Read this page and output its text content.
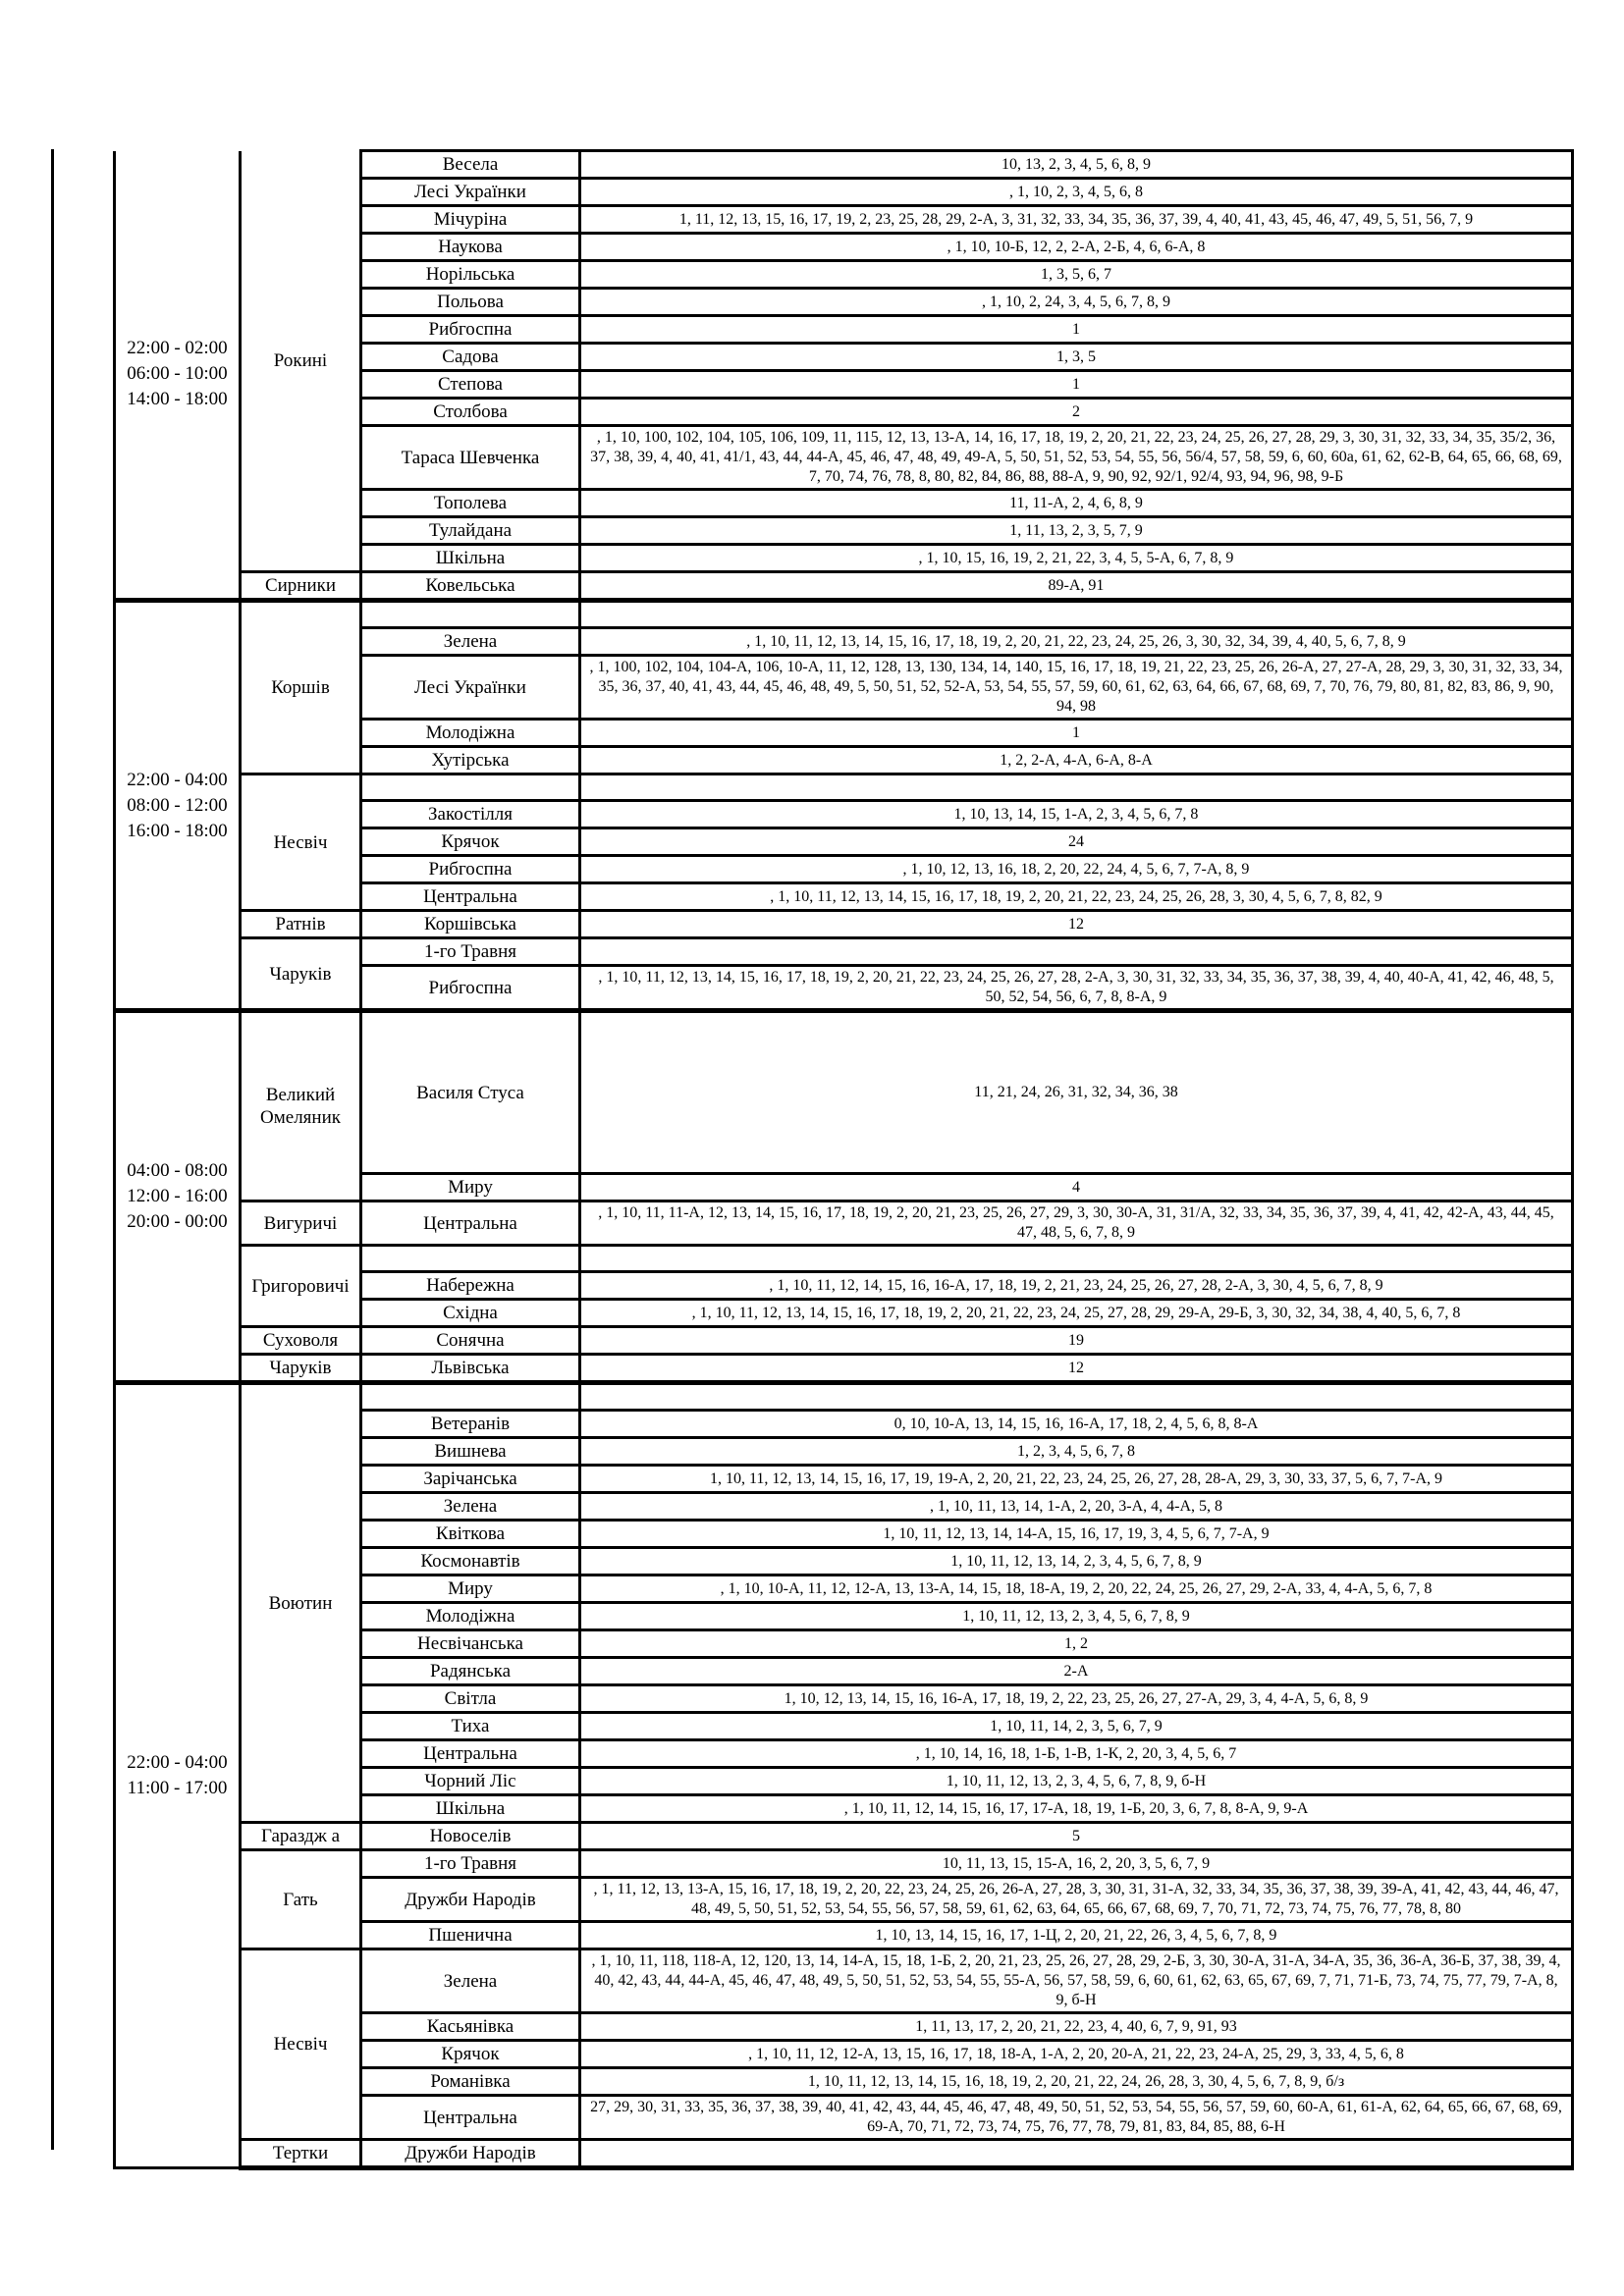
22:00 - 02:00
06:00 - 10:00
14:00 - 18:00	Рокині	Весела	10, 13, 2, 3, 4, 5, 6, 8, 9
		Лесі Українки	, 1, 10, 2, 3, 4, 5, 6, 8
		Мічуріна	1, 11, 12, 13, 15, 16, 17, 19, 2, 23, 25, 28, 29, 2-А, 3, 31, 32, 33, 34, 35, 36, 37, 39, 4, 40, 41, 43, 45, 46, 47, 49, 5, 51, 56, 7, 9
		Наукова	, 1, 10, 10-Б, 12, 2, 2-А, 2-Б, 4, 6, 6-А, 8
		Норільська	1, 3, 5, 6, 7
		Польова	, 1, 10, 2, 24, 3, 4, 5, 6, 7, 8, 9
		Рибгоспна	1
		Садова	1, 3, 5
		Степова	1
		Столбова	2
		Тараса Шевченка	, 1, 10, 100, 102, 104, 105, 106, 109, 11, 115, 12, 13, 13-А, 14, 16, 17, 18, 19, 2, 20, 21, 22, 23, 24, 25, 26, 27, 28, 29, 3, 30, 31, 32, 33, 34, 35, 35/2, 36, 37, 38, 39, 4, 40, 41, 41/1, 43, 44, 44-А, 45, 46, 47, 48, 49, 49-А, 5, 50, 51, 52, 53, 54, 55, 56, 56/4, 57, 58, 59, 6, 60, 60а, 61, 62, 62-В, 64, 65, 66, 68, 69, 7, 70, 74, 76, 78, 8, 80, 82, 84, 86, 88, 88-А, 9, 90, 92, 92/1, 92/4, 93, 94, 96, 98, 9-Б
		Тополева	11, 11-А, 2, 4, 6, 8, 9
		Тулайдана	1, 11, 13, 2, 3, 5, 7, 9
		Шкільна	, 1, 10, 15, 16, 19, 2, 21, 22, 3, 4, 5, 5-А, 6, 7, 8, 9
	Сирники	Ковельська	89-А, 91

22:00 - 04:00
08:00 - 12:00
16:00 - 18:00	Коршів		
		Зелена	, 1, 10, 11, 12, 13, 14, 15, 16, 17, 18, 19, 2, 20, 21, 22, 23, 24, 25, 26, 3, 30, 32, 34, 39, 4, 40, 5, 6, 7, 8, 9
		Лесі Українки	, 1, 100, 102, 104, 104-А, 106, 10-А, 11, 12, 128, 13, 130, 134, 14, 140, 15, 16, 17, 18, 19, 21, 22, 23, 25, 26, 26-А, 27, 27-А, 28, 29, 3, 30, 31, 32, 33, 34, 35, 36, 37, 40, 41, 43, 44, 45, 46, 48, 49, 5, 50, 51, 52, 52-А, 53, 54, 55, 57, 59, 60, 61, 62, 63, 64, 66, 67, 68, 69, 7, 70, 76, 79, 80, 81, 82, 83, 86, 9, 90, 94, 98
		Молодіжна	1
		Хутірська	1, 2, 2-А, 4-А, 6-А, 8-А
	Несвіч		
		Закостілля	1, 10, 13, 14, 15, 1-А, 2, 3, 4, 5, 6, 7, 8
		Крячок	24
		Рибгоспна	, 1, 10, 12, 13, 16, 18, 2, 20, 22, 24, 4, 5, 6, 7, 7-А, 8, 9
		Центральна	, 1, 10, 11, 12, 13, 14, 15, 16, 17, 18, 19, 2, 20, 21, 22, 23, 24, 25, 26, 28, 3, 30, 4, 5, 6, 7, 8, 82, 9
	Ратнів	Коршівська	12
	Чаруків	1-го Травня	
		Рибгоспна	, 1, 10, 11, 12, 13, 14, 15, 16, 17, 18, 19, 2, 20, 21, 22, 23, 24, 25, 26, 27, 28, 2-А, 3, 30, 31, 32, 33, 34, 35, 36, 37, 38, 39, 4, 40, 40-А, 41, 42, 46, 48, 5, 50, 52, 54, 56, 6, 7, 8, 8-А, 9

04:00 - 08:00
12:00 - 16:00
20:00 - 00:00	Великий Омеляник	Василя Стуса	11, 21, 24, 26, 31, 32, 34, 36, 38
		Миру	4
	Вигуричі	Центральна	, 1, 10, 11, 11-А, 12, 13, 14, 15, 16, 17, 18, 19, 2, 20, 21, 23, 25, 26, 27, 29, 3, 30, 30-А, 31, 31/А, 32, 33, 34, 35, 36, 37, 39, 4, 41, 42, 42-А, 43, 44, 45, 47, 48, 5, 6, 7, 8, 9
	Григоровичі		
		Набережна	, 1, 10, 11, 12, 14, 15, 16, 16-А, 17, 18, 19, 2, 21, 23, 24, 25, 26, 27, 28, 2-А, 3, 30, 4, 5, 6, 7, 8, 9
		Східна	, 1, 10, 11, 12, 13, 14, 15, 16, 17, 18, 19, 2, 20, 21, 22, 23, 24, 25, 27, 28, 29, 29-А, 29-Б, 3, 30, 32, 34, 38, 4, 40, 5, 6, 7, 8
	Суховоля	Сонячна	19
	Чаруків	Львівська	12

22:00 - 04:00
11:00 - 17:00	Воютин		
		Ветеранів	0, 10, 10-А, 13, 14, 15, 16, 16-А, 17, 18, 2, 4, 5, 6, 8, 8-А
		Вишнева	1, 2, 3, 4, 5, 6, 7, 8
		Зарічанська	1, 10, 11, 12, 13, 14, 15, 16, 17, 19, 19-А, 2, 20, 21, 22, 23, 24, 25, 26, 27, 28, 28-А, 29, 3, 30, 33, 37, 5, 6, 7, 7-А, 9
		Зелена	, 1, 10, 11, 13, 14, 1-А, 2, 20, 3-А, 4, 4-А, 5, 8
		Квіткова	1, 10, 11, 12, 13, 14, 14-А, 15, 16, 17, 19, 3, 4, 5, 6, 7, 7-А, 9
		Космонавтів	1, 10, 11, 12, 13, 14, 2, 3, 4, 5, 6, 7, 8, 9
		Миру	, 1, 10, 10-А, 11, 12, 12-А, 13, 13-А, 14, 15, 18, 18-А, 19, 2, 20, 22, 24, 25, 26, 27, 29, 2-А, 33, 4, 4-А, 5, 6, 7, 8
		Молодіжна	1, 10, 11, 12, 13, 2, 3, 4, 5, 6, 7, 8, 9
		Несвічанська	1, 2
		Радянська	2-А
		Світла	1, 10, 12, 13, 14, 15, 16, 16-А, 17, 18, 19, 2, 22, 23, 25, 26, 27, 27-А, 29, 3, 4, 4-А, 5, 6, 8, 9
		Тиха	1, 10, 11, 14, 2, 3, 5, 6, 7, 9
		Центральна	, 1, 10, 14, 16, 18, 1-Б, 1-В, 1-К, 2, 20, 3, 4, 5, 6, 7
		Чорний Ліс	1, 10, 11, 12, 13, 2, 3, 4, 5, 6, 7, 8, 9, б-Н
		Шкільна	, 1, 10, 11, 12, 14, 15, 16, 17, 17-А, 18, 19, 1-Б, 20, 3, 6, 7, 8, 8-А, 9, 9-А
	Гараздж а	Новоселів	5
	Гать	1-го Травня	10, 11, 13, 15, 15-А, 16, 2, 20, 3, 5, 6, 7, 9
		Дружби Народів	, 1, 11, 12, 13, 13-А, 15, 16, 17, 18, 19, 2, 20, 22, 23, 24, 25, 26, 26-А, 27, 28, 3, 30, 31, 31-А, 32, 33, 34, 35, 36, 37, 38, 39, 39-А, 41, 42, 43, 44, 46, 47, 48, 49, 5, 50, 51, 52, 53, 54, 55, 56, 57, 58, 59, 61, 62, 63, 64, 65, 66, 67, 68, 69, 7, 70, 71, 72, 73, 74, 75, 76, 77, 78, 8, 80
		Пшенична	1, 10, 13, 14, 15, 16, 17, 1-Ц, 2, 20, 21, 22, 26, 3, 4, 5, 6, 7, 8, 9
	Несвіч	Зелена	, 1, 10, 11, 118, 118-А, 12, 120, 13, 14, 14-А, 15, 18, 1-Б, 2, 20, 21, 23, 25, 26, 27, 28, 29, 2-Б, 3, 30, 30-А, 31-А, 34-А, 35, 36, 36-А, 36-Б, 37, 38, 39, 4, 40, 42, 43, 44, 44-А, 45, 46, 47, 48, 49, 5, 50, 51, 52, 53, 54, 55, 55-А, 56, 57, 58, 59, 6, 60, 61, 62, 63, 65, 67, 69, 7, 71, 71-Б, 73, 74, 75, 77, 79, 7-А, 8, 9, б-Н
		Касьянівка	1, 11, 13, 17, 2, 20, 21, 22, 23, 4, 40, 6, 7, 9, 91, 93
		Крячок	, 1, 10, 11, 12, 12-А, 13, 15, 16, 17, 18, 18-А, 1-А, 2, 20, 20-А, 21, 22, 23, 24-А, 25, 29, 3, 33, 4, 5, 6, 8
		Романівка	1, 10, 11, 12, 13, 14, 15, 16, 18, 19, 2, 20, 21, 22, 24, 26, 28, 3, 30, 4, 5, 6, 7, 8, 9, б/з
		Центральна	27, 29, 30, 31, 33, 35, 36, 37, 38, 39, 40, 41, 42, 43, 44, 45, 46, 47, 48, 49, 50, 51, 52, 53, 54, 55, 56, 57, 59, 60, 60-А, 61, 61-А, 62, 64, 65, 66, 67, 68, 69, 69-А, 70, 71, 72, 73, 74, 75, 76, 77, 78, 79, 81, 83, 84, 85, 88, 6-Н
	Тертки	Дружби Народів	
